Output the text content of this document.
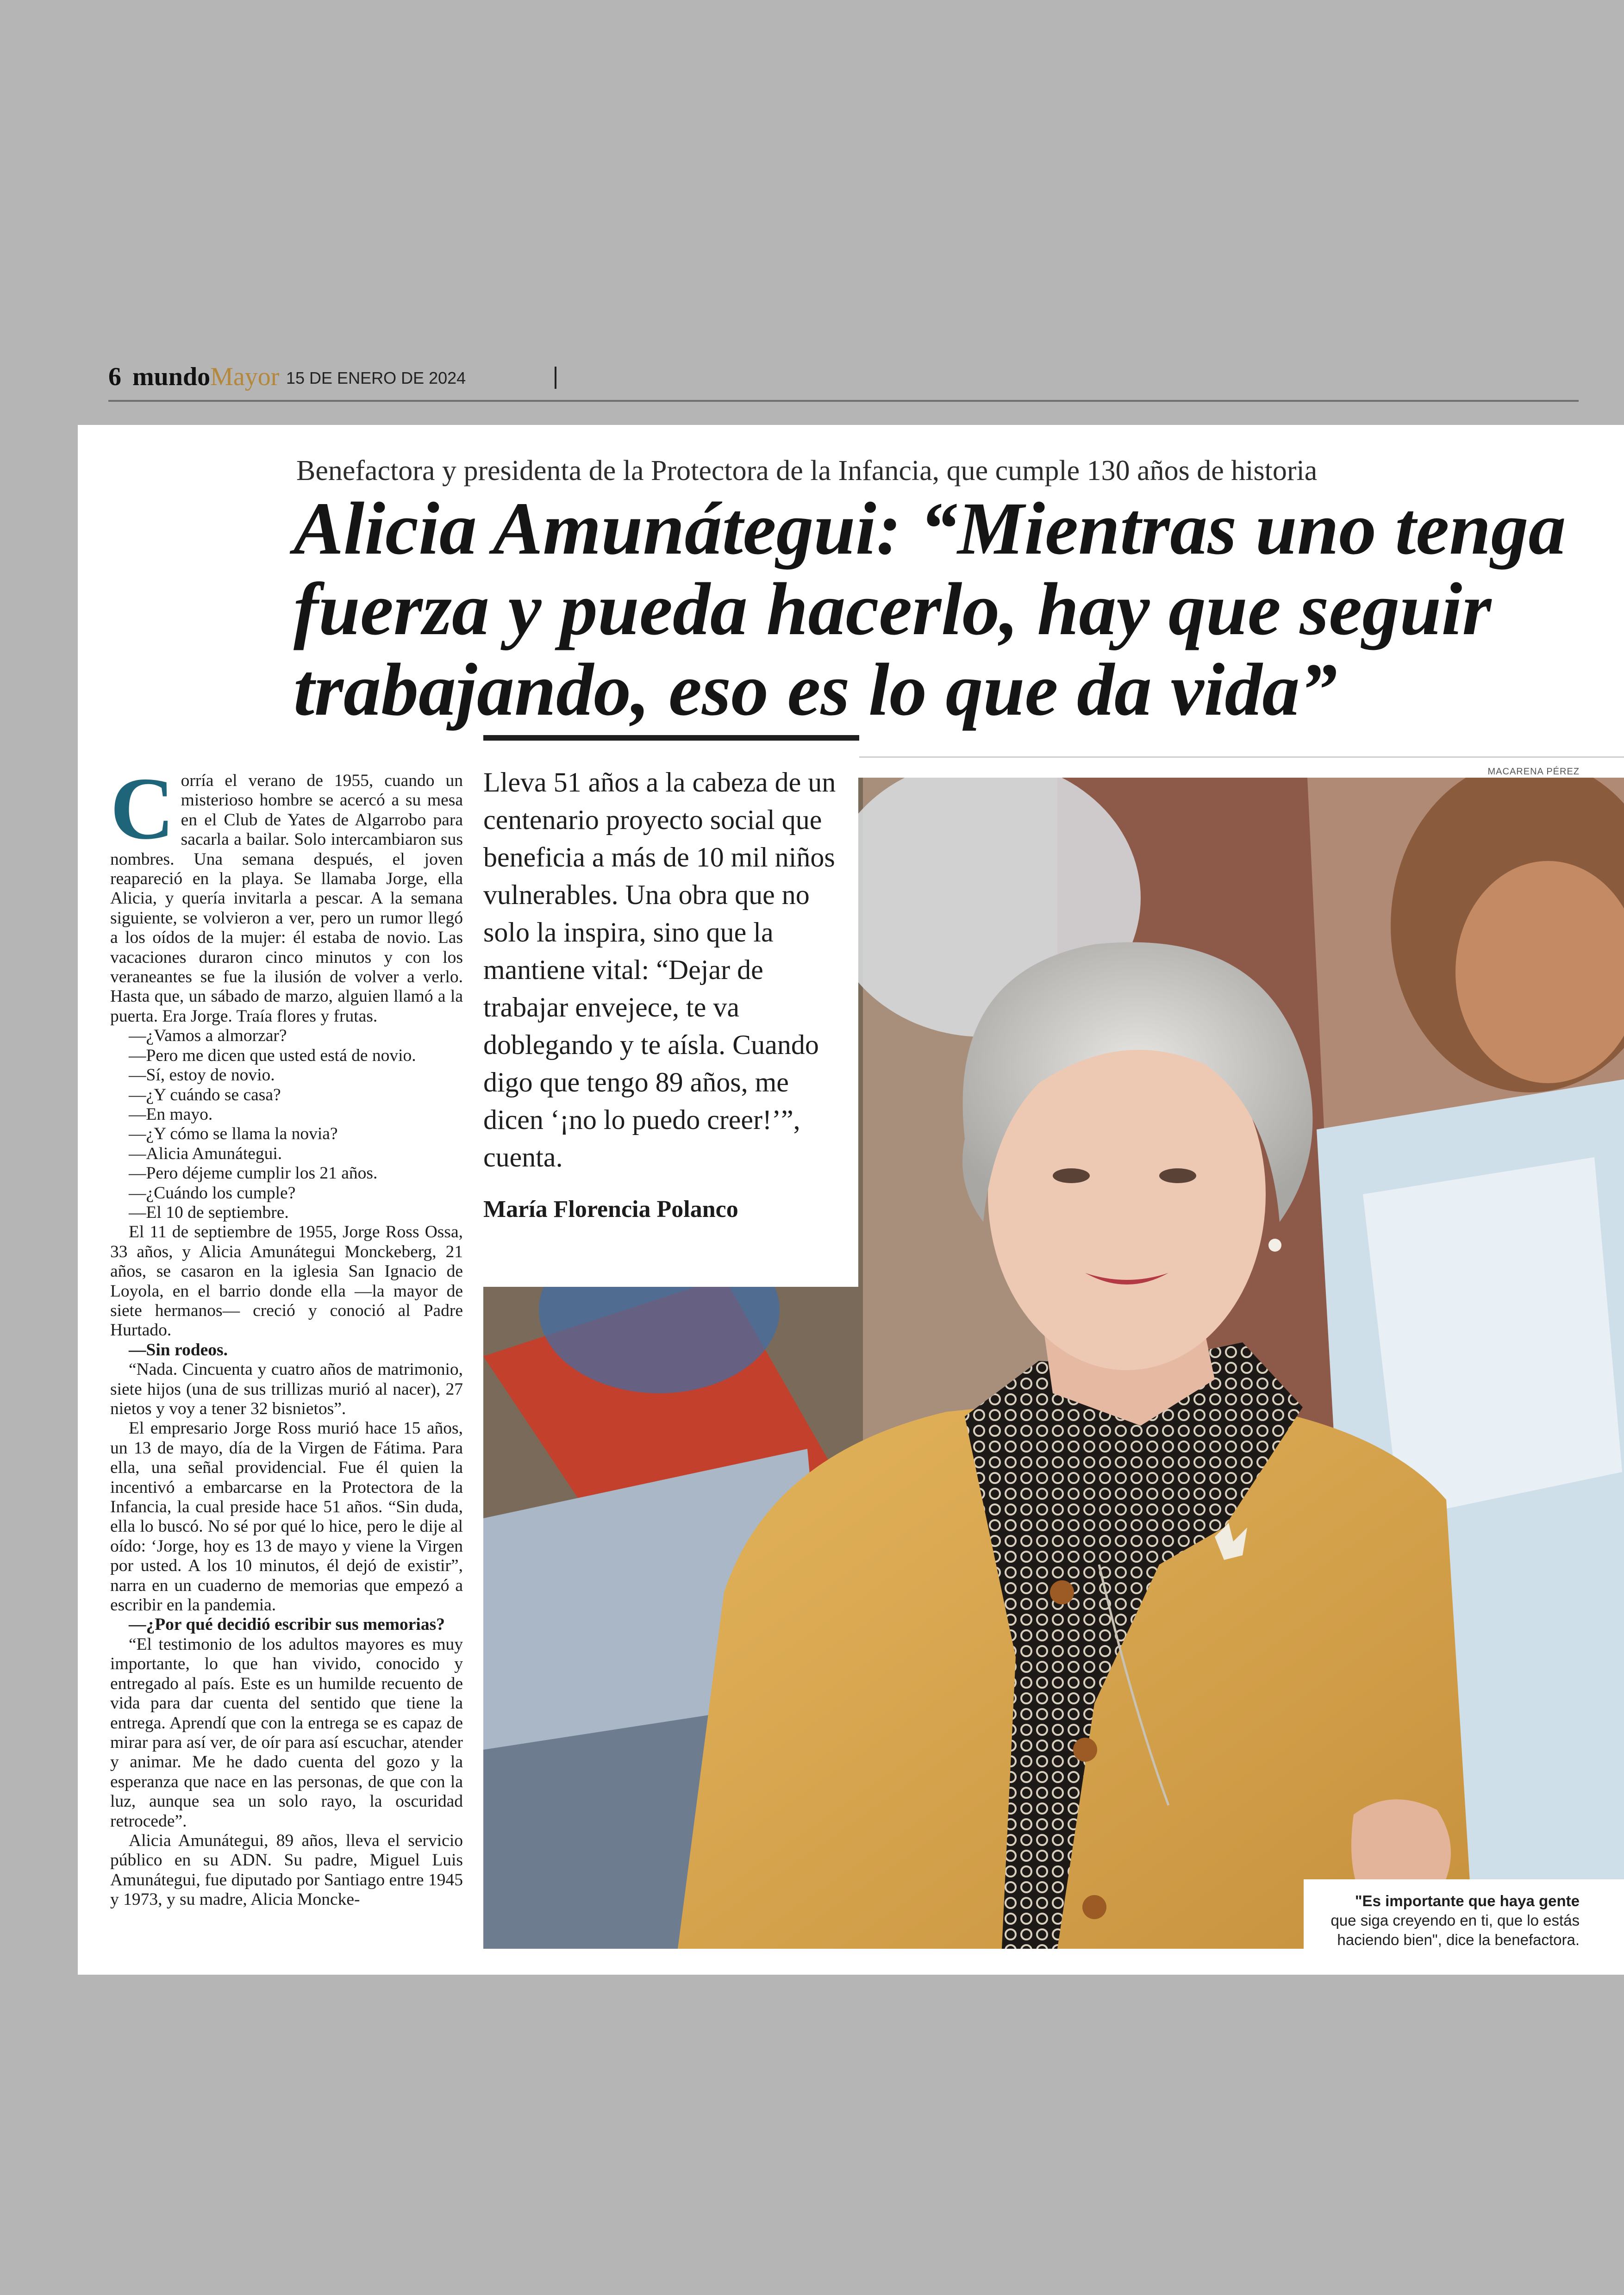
6 mundoMayor 15 DE ENERO DE 2024
Benefactora y presidenta de la Protectora de la Infancia, que cumple 130 años de historia
Alicia Amunátegui: “Mientras uno tenga fuerza y pueda hacerlo, hay que seguir trabajando, eso es lo que da vida”

Corría el verano de 1955, cuando un misterioso hombre se acercó a su mesa en el Club de Yates de Algarrobo para sacarla a bailar. Solo intercambiaron sus nombres. Una semana después, el joven reapareció en la playa. Se llamaba Jorge, ella Alicia, y quería invitarla a pescar. A la semana siguiente, se volvieron a ver, pero un rumor llegó a los oídos de la mujer: él estaba de novio. Las vacaciones duraron cinco minutos y con los veraneantes se fue la ilusión de volver a verlo. Hasta que, un sábado de marzo, alguien llamó a la puerta. Era Jorge. Traía flores y frutas.

—¿Vamos a almorzar?

—Pero me dicen que usted está de novio.

—Sí, estoy de novio.

—¿Y cuándo se casa?

—En mayo.

—¿Y cómo se llama la novia?

—Alicia Amunátegui.

—Pero déjeme cumplir los 21 años.

—¿Cuándo los cumple?

—El 10 de septiembre.

El 11 de septiembre de 1955, Jorge Ross Ossa, 33 años, y Alicia Amunátegui Monckeberg, 21 años, se casaron en la iglesia San Ignacio de Loyola, en el barrio donde ella —la mayor de siete hermanos— creció y conoció al Padre Hurtado.

—Sin rodeos.

“Nada. Cincuenta y cuatro años de matrimonio, siete hijos (una de sus trillizas murió al nacer), 27 nietos y voy a tener 32 bisnietos”.

El empresario Jorge Ross murió hace 15 años, un 13 de mayo, día de la Virgen de Fátima. Para ella, una señal providencial. Fue él quien la incentivó a embarcarse en la Protectora de la Infancia, la cual preside hace 51 años. “Sin duda, ella lo buscó. No sé por qué lo hice, pero le dije al oído: ‘Jorge, hoy es 13 de mayo y viene la Virgen por usted. A los 10 minutos, él dejó de existir”, narra en un cuaderno de memorias que empezó a escribir en la pandemia.

—¿Por qué decidió escribir sus memorias?

“El testimonio de los adultos mayores es muy importante, lo que han vivido, conocido y entregado al país. Este es un humilde recuento de vida para dar cuenta del sentido que tiene la entrega. Aprendí que con la entrega se es capaz de mirar para así ver, de oír para así escuchar, atender y animar. Me he dado cuenta del gozo y la esperanza que nace en las personas, de que con la luz, aunque sea un solo rayo, la oscuridad retrocede”.

Alicia Amunátegui, 89 años, lleva el servicio público en su ADN. Su padre, Miguel Luis Amunátegui, fue diputado por Santiago entre 1945 y 1973, y su madre, Alicia Moncke-

MACARENA PÉREZ

Lleva 51 años a la cabeza de un centenario proyecto social que beneficia a más de 10 mil niños vulnerables. Una obra que no solo la inspira, sino que la mantiene vital: “Dejar de trabajar envejece, te va doblegando y te aísla. Cuando digo que tengo 89 años, me dicen ‘¡no lo puedo creer!’”, cuenta.

María Florencia Polanco

"Es importante que haya gente
que siga creyendo en ti, que lo estás haciendo bien", dice la benefactora.
